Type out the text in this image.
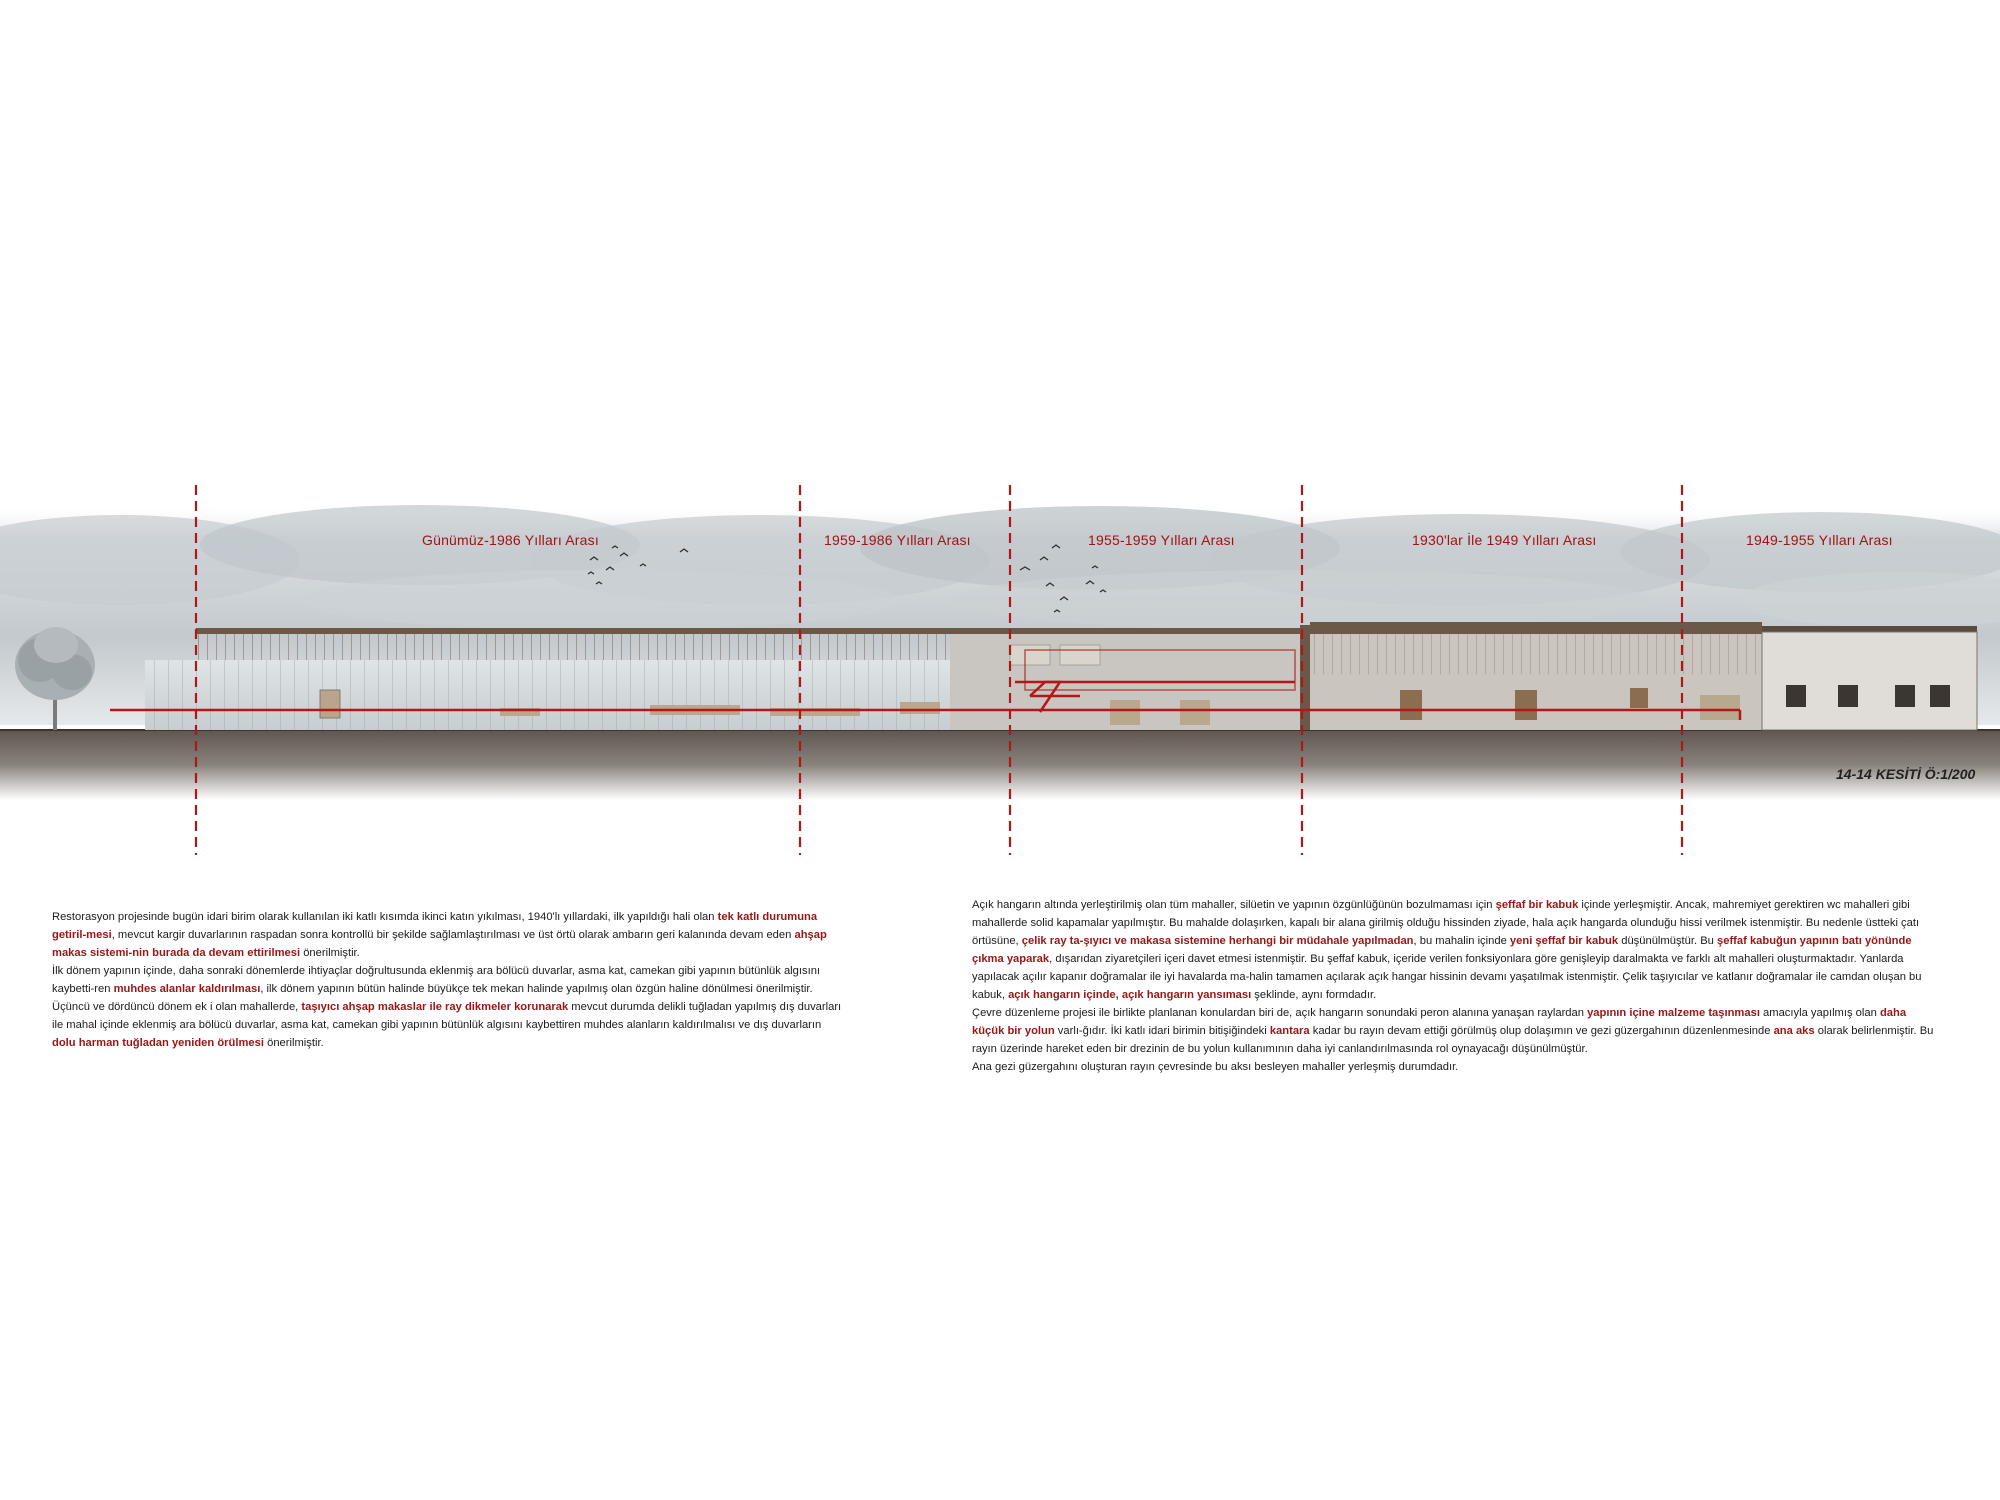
Günümüz-1986 Yılları Arası	1959-1986 Yılları Arası	1955-1959 Yılları Arası	1930'lar İle 1949 Yılları Arası	1949-1955 Yılları Arası
14-14 KESİTİ Ö:1/200

Restorasyon projesinde bugün idari birim olarak kullanılan iki katlı kısımda ikinci katın yıkılması, 1940'lı yıllardaki, ilk yapıldığı hali olan tek katlı durumuna getiril-mesi, mevcut kargir duvarlarının raspadan sonra kontrollü bir şekilde sağlamlaştırılması ve üst örtü olarak ambarın geri kalanında devam eden ahşap makas sistemi-nin burada da devam ettirilmesi önerilmiştir.

İlk dönem yapının içinde, daha sonraki dönemlerde ihtiyaçlar doğrultusunda eklenmiş ara bölücü duvarlar, asma kat, camekan gibi yapının bütünlük algısını kaybetti-ren muhdes alanlar kaldırılması, ilk dönem yapının bütün halinde büyükçe tek mekan halinde yapılmış olan özgün haline dönülmesi önerilmiştir.

Üçüncü ve dördüncü dönem ek i olan mahallerde, taşıyıcı ahşap makaslar ile ray dikmeler korunarak mevcut durumda delikli tuğladan yapılmış dış duvarları ile mahal içinde eklenmiş ara bölücü duvarlar, asma kat, camekan gibi yapının bütünlük algısını kaybettiren muhdes alanların kaldırılmalısı ve dış duvarların dolu harman tuğladan yeniden örülmesi önerilmiştir.

Açık hangarın altında yerleştirilmiş olan tüm mahaller, silüetin ve yapının özgünlüğünün bozulmaması için şeffaf bir kabuk içinde yerleşmiştir. Ancak, mahremiyet gerektiren wc mahalleri gibi mahallerde solid kapamalar yapılmıştır. Bu mahalde dolaşırken, kapalı bir alana girilmiş olduğu hissinden ziyade, hala açık hangarda olunduğu hissi verilmek istenmiştir. Bu nedenle üstteki çatı örtüsüne, çelik ray ta-şıyıcı ve makasa sistemine herhangi bir müdahale yapılmadan, bu mahalin içinde yeni şeffaf bir kabuk düşünülmüştür. Bu şeffaf kabuğun yapının batı yönünde çıkma yaparak, dışarıdan ziyaretçileri içeri davet etmesi istenmiştir. Bu şeffaf kabuk, içeride verilen fonksiyonlara göre genişleyip daralmakta ve farklı alt mahalleri oluşturmaktadır. Yanlarda yapılacak açılır kapanır doğramalar ile iyi havalarda ma-halin tamamen açılarak açık hangar hissinin devamı yaşatılmak istenmiştir. Çelik taşıyıcılar ve katlanır doğramalar ile camdan oluşan bu kabuk, açık hangarın içinde, açık hangarın yansıması şeklinde, aynı formdadır.

Çevre düzenleme projesi ile birlikte planlanan konulardan biri de, açık hangarın sonundaki peron alanına yanaşan raylardan yapının içine malzeme taşınması amacıyla yapılmış olan daha küçük bir yolun varlı-ğıdır. İki katlı idari birimin bitişiğindeki kantara kadar bu rayın devam ettiği görülmüş olup dolaşımın ve gezi güzergahının düzenlenmesinde ana aks olarak belirlenmiştir. Bu rayın üzerinde hareket eden bir drezinin de bu yolun kullanımının daha iyi canlandırılmasında rol oynayacağı düşünülmüştür.

Ana gezi güzergahını oluşturan rayın çevresinde bu aksı besleyen mahaller yerleşmiş durumdadır.
